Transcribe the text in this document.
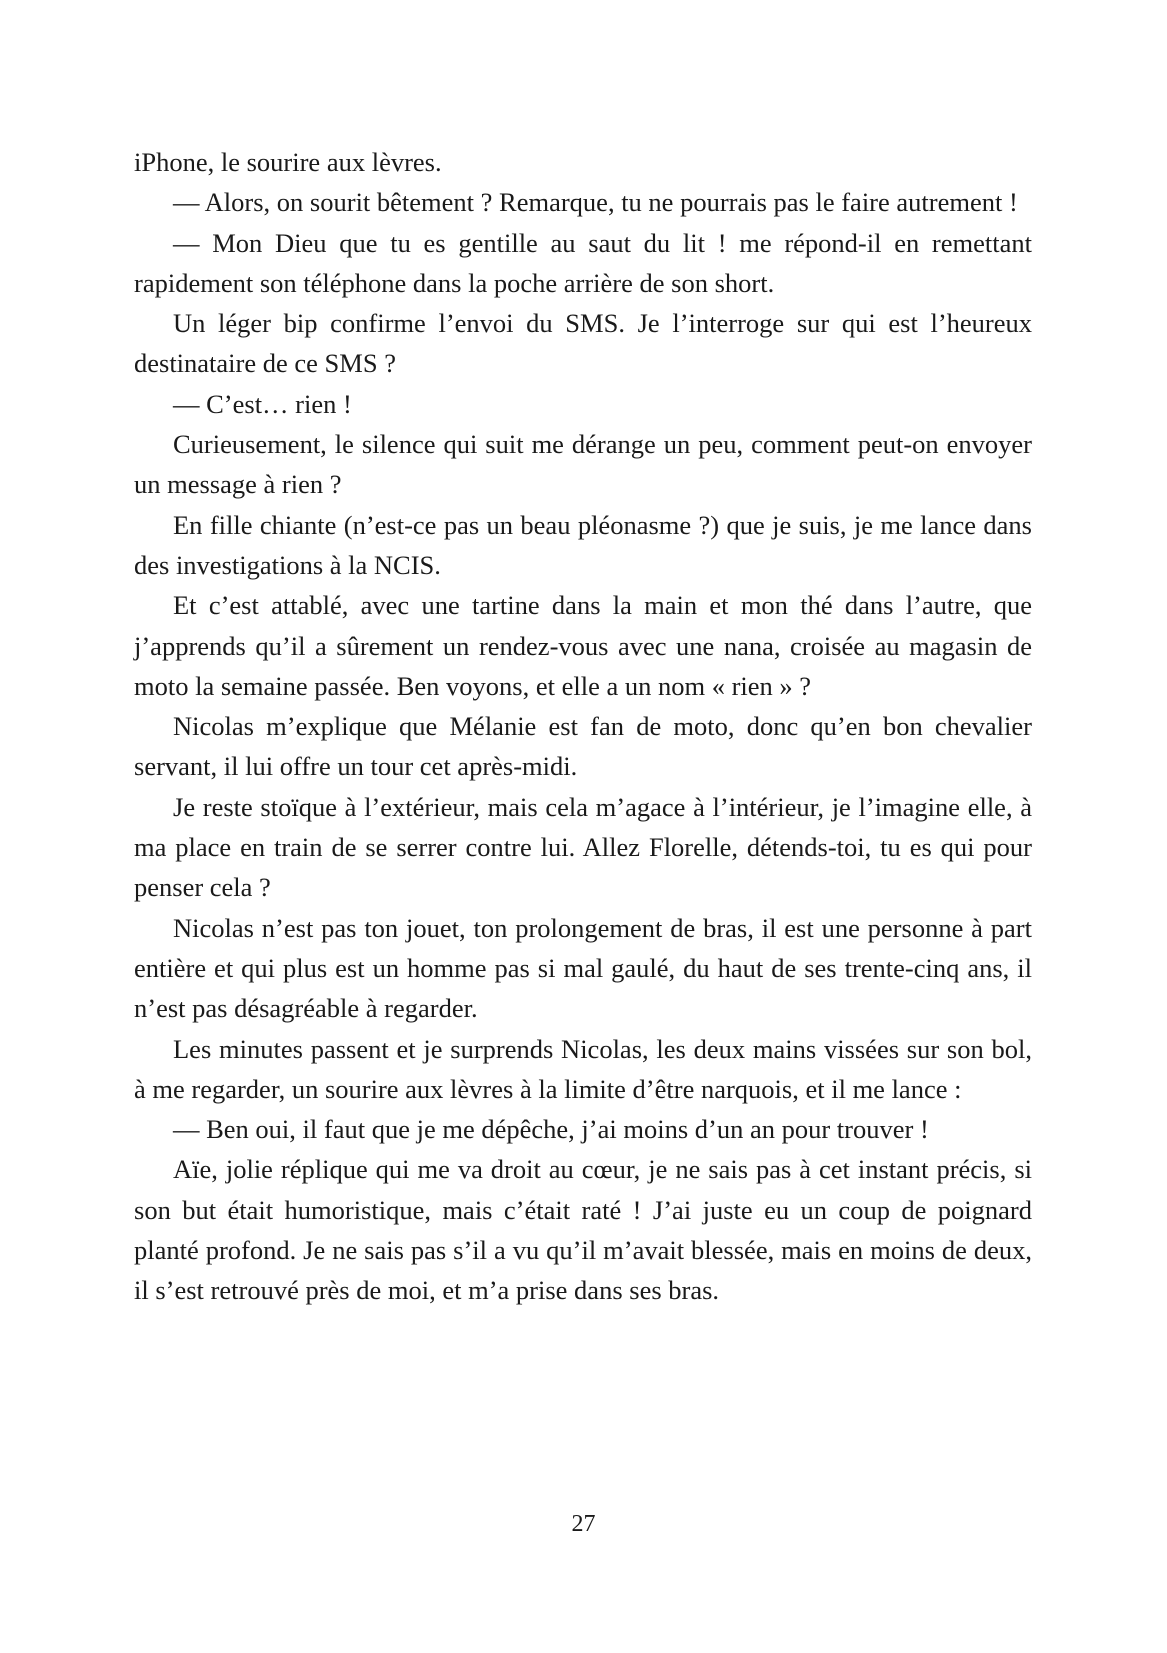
iPhone, le sourire aux lèvres.

— Alors, on sourit bêtement ? Remarque, tu ne pourrais pas le faire autrement !

— Mon Dieu que tu es gentille au saut du lit ! me répond-il en remettant rapidement son téléphone dans la poche arrière de son short.

Un léger bip confirme l’envoi du SMS. Je l’interroge sur qui est l’heureux destinataire de ce SMS ?

— C’est… rien !

Curieusement, le silence qui suit me dérange un peu, comment peut-on envoyer un message à rien ?

En fille chiante (n’est-ce pas un beau pléonasme ?) que je suis, je me lance dans des investigations à la NCIS.

Et c’est attablé, avec une tartine dans la main et mon thé dans l’autre, que j’apprends qu’il a sûrement un rendez-vous avec une nana, croisée au magasin de moto la semaine passée. Ben voyons, et elle a un nom « rien » ?

Nicolas m’explique que Mélanie est fan de moto, donc qu’en bon chevalier servant, il lui offre un tour cet après-midi.

Je reste stoïque à l’extérieur, mais cela m’agace à l’intérieur, je l’imagine elle, à ma place en train de se serrer contre lui. Allez Florelle, détends-toi, tu es qui pour penser cela ?

Nicolas n’est pas ton jouet, ton prolongement de bras, il est une personne à part entière et qui plus est un homme pas si mal gaulé, du haut de ses trente-cinq ans, il n’est pas désagréable à regarder.

Les minutes passent et je surprends Nicolas, les deux mains vissées sur son bol, à me regarder, un sourire aux lèvres à la limite d’être narquois, et il me lance :

— Ben oui, il faut que je me dépêche, j’ai moins d’un an pour trouver !

Aïe, jolie réplique qui me va droit au cœur, je ne sais pas à cet instant précis, si son but était humoristique, mais c’était raté ! J’ai juste eu un coup de poignard planté profond. Je ne sais pas s’il a vu qu’il m’avait blessée, mais en moins de deux, il s’est retrouvé près de moi, et m’a prise dans ses bras.

27
